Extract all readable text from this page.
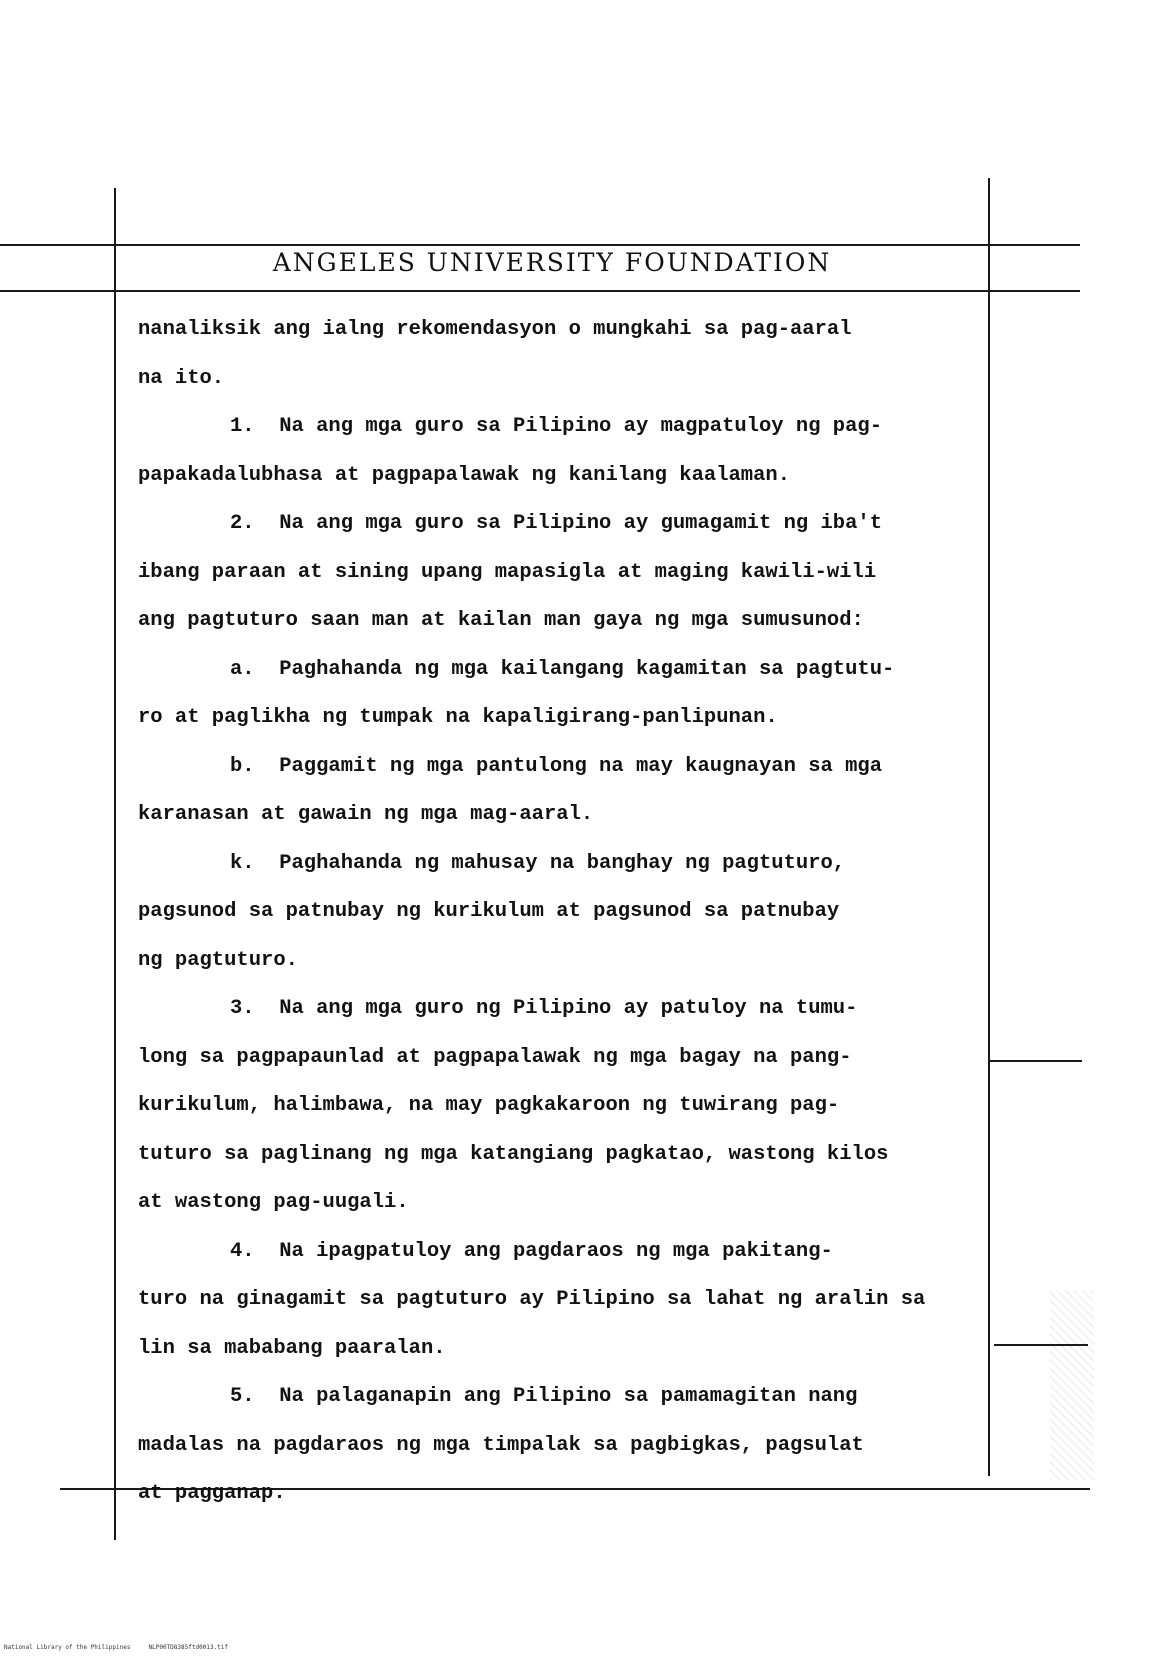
ANGELES UNIVERSITY FOUNDATION
nanaliksik ang ialng rekomendasyon o mungkahi sa pag-aaral
na ito.
1.  Na ang mga guro sa Pilipino ay magpatuloy ng pag-
papakadalubhasa at pagpapalawak ng kanilang kaalaman.
2.  Na ang mga guro sa Pilipino ay gumagamit ng iba't
ibang paraan at sining upang mapasigla at maging kawili-wili
ang pagtuturo saan man at kailan man gaya ng mga sumusunod:
a.  Paghahanda ng mga kailangang kagamitan sa pagtutu-
ro at paglikha ng tumpak na kapaligirang-panlipunan.
b.  Paggamit ng mga pantulong na may kaugnayan sa mga
karanasan at gawain ng mga mag-aaral.
k.  Paghahanda ng mahusay na banghay ng pagtuturo,
pagsunod sa patnubay ng kurikulum at pagsunod sa patnubay
ng pagtuturo.
3.  Na ang mga guro ng Pilipino ay patuloy na tumu-
long sa pagpapaunlad at pagpapalawak ng mga bagay na pang-
kurikulum, halimbawa, na may pagkakaroon ng tuwirang pag-
tuturo sa paglinang ng mga katangiang pagkatao, wastong kilos
at wastong pag-uugali.
4.  Na ipagpatuloy ang pagdaraos ng mga pakitang-
turo na ginagamit sa pagtuturo ay Pilipino sa lahat ng aralin sa
lin sa mababang paaralan.
5.  Na palaganapin ang Pilipino sa pamamagitan nang
madalas na pagdaraos ng mga timpalak sa pagbigkas, pagsulat
at pagganap.
National Library of the Philippines     NLP00TD8385ftd0013.tif
